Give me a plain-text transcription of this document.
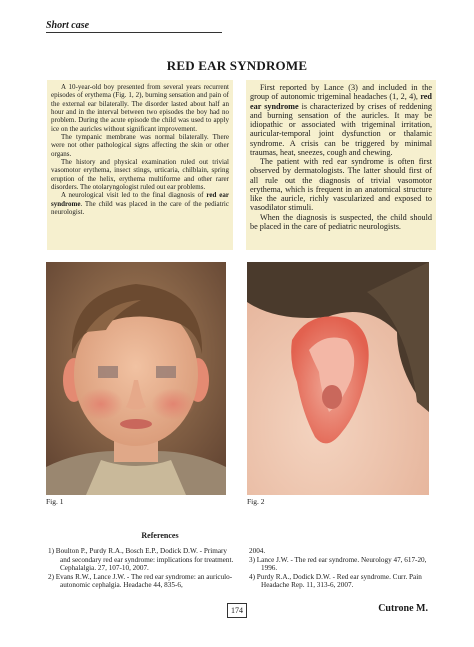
Short case
RED EAR SYNDROME

A 10-year-old boy presented from several years recurrent episodes of erythema (Fig. 1, 2), burning sensation and pain of the external ear bilaterally. The disorder lasted about half an hour and in the interval between two episodes the boy had no problem. During the acute episode the child was used to apply ice on the auricles without significant improvement.

The tympanic membrane was normal bilaterally. There were not other pathological signs affecting the skin or other organs.

The history and physical examination ruled out trivial vasomotor erythema, insect stings, urticaria, chilblain, spring eruption of the helix, erythema multiforme and other rarer disorders. The otolaryngologist ruled out ear problems.

A neurological visit led to the final diagnosis of red ear syndrome. The child was placed in the care of the pediatric neurologist.

First reported by Lance (3) and included in the group of autonomic trigeminal headaches (1, 2, 4), red ear syndrome is characterized by crises of reddening and burning sensation of the auricles. It may be idiopathic or associated with trigeminal irritation, auricular-temporal joint dysfunction or thalamic syndrome. A crisis can be triggered by minimal traumas, heat, sneezes, cough and chewing.

The patient with red ear syndrome is often first observed by dermatologists. The latter should first of all rule out the diagnosis of trivial vasomotor erythema, which is frequent in an anatomical structure like the auricle, richly vascularized and exposed to vasodilator stimuli.

When the diagnosis is suspected, the child should be placed in the care of pediatric neurologists.

Fig. 1	Fig. 2
References

1) Boulton P., Purdy R.A., Bosch E.P., Dodick D.W. - Primary and secondary red ear syndrome: implications for treatment. Cephalalgia. 27, 107-10, 2007.

2) Evans R.W., Lance J.W. - The red ear syndrome: an auriculo-autonomic cephalgia. Headache 44, 835-6,

2004.

3) Lance J.W. - The red ear syndrome. Neurology 47, 617-20, 1996.

4) Purdy R.A., Dodick D.W. - Red ear syndrome. Curr. Pain Headache Rep. 11, 313-6, 2007.

174	Cutrone M.
